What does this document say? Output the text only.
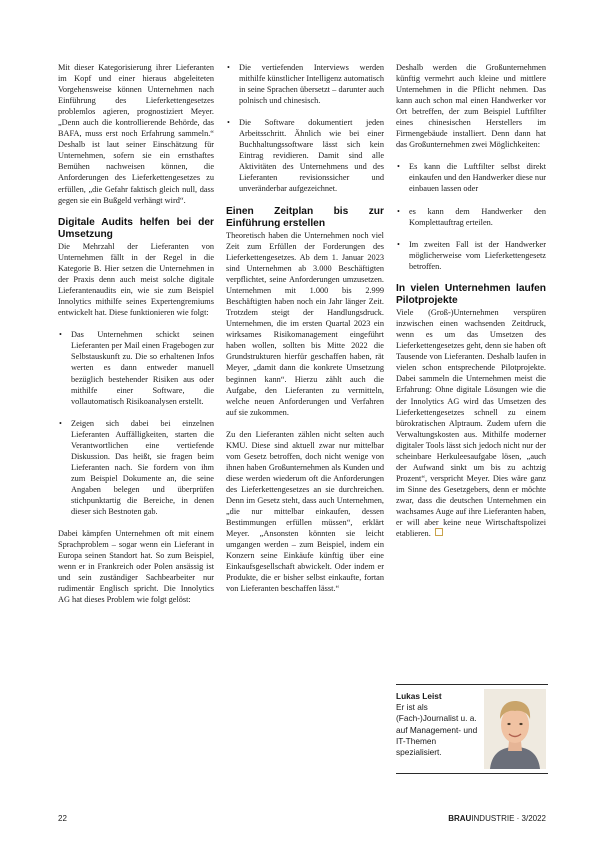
Mit dieser Kategorisierung ihrer Lieferanten im Kopf und einer hieraus abgeleiteten Vorgehensweise können Unternehmen nach Einführung des Lieferkettengesetzes problemlos agieren, prognostiziert Meyer. „Denn auch die kontrollierende Behörde, das BAFA, muss erst noch Erfahrung sammeln.“ Deshalb ist laut seiner Einschätzung für Unternehmen, sofern sie ein ernsthaftes Bemühen nachweisen können, die Anforderungen des Lieferkettengesetzes zu erfüllen, „die Gefahr faktisch gleich null, dass gegen sie ein Bußgeld verhängt wird“.

Digitale Audits helfen bei der Umsetzung

Die Mehrzahl der Lieferanten von Unternehmen fällt in der Regel in die Kategorie B. Hier setzen die Unternehmen in der Praxis denn auch meist solche digitale Lieferantenaudits ein, wie sie zum Beispiel Innolytics mithilfe seines Expertengremiums entwickelt hat. Diese funktionieren wie folgt:

• Das Unternehmen schickt seinen Lieferanten per Mail einen Fragebogen zur Selbstauskunft zu. Die so erhaltenen Infos werten es dann entweder manuell bezüglich bestehender Risiken aus oder mithilfe einer Software, die vollautomatisch Risikoanalysen erstellt.
• Zeigen sich dabei bei einzelnen Lieferanten Auffälligkeiten, starten die Verantwortlichen eine vertiefende Diskussion. Das heißt, sie fragen beim Lieferanten nach. Sie fordern von ihm zum Beispiel Dokumente an, die seine Angaben belegen und überprüfen stichpunktartig die Bereiche, in denen dieser sich Bestnoten gab.

Dabei kämpfen Unternehmen oft mit einem Sprachproblem – sogar wenn ein Lieferant in Europa seinen Standort hat. So zum Beispiel, wenn er in Frankreich oder Polen ansässig ist und sein zuständiger Sachbearbeiter nur rudimentär Englisch spricht. Die Innolytics AG hat dieses Problem wie folgt gelöst:

• Die vertiefenden Interviews werden mithilfe künstlicher Intelligenz automatisch in seine Sprachen übersetzt – darunter auch polnisch und chinesisch.
• Die Software dokumentiert jeden Arbeitsschritt. Ähnlich wie bei einer Buchhaltungssoftware lässt sich kein Eintrag revidieren. Damit sind alle Aktivitäten des Unternehmens und des Lieferanten revisionssicher und unveränderbar aufgezeichnet.
Einen Zeitplan bis zur Einführung erstellen

Theoretisch haben die Unternehmen noch viel Zeit zum Erfüllen der Forderungen des Lieferkettengesetzes. Ab dem 1. Januar 2023 sind Unternehmen ab 3.000 Beschäftigten verpflichtet, seine Anforderungen umzusetzen. Unternehmen mit 1.000 bis 2.999 Beschäftigten haben noch ein Jahr länger Zeit. Trotzdem steigt der Handlungsdruck. Unternehmen, die im ersten Quartal 2023 ein wirksames Risikomanagement eingeführt haben wollen, sollten bis Mitte 2022 die Grundstrukturen hierfür geschaffen haben, rät Meyer, „damit dann die konkrete Umsetzung beginnen kann“. Hierzu zählt auch die Aufgabe, den Lieferanten zu vermitteln, welche neuen Anforderungen und Verfahren auf sie zukommen.

Zu den Lieferanten zählen nicht selten auch KMU. Diese sind aktuell zwar nur mittelbar vom Gesetz betroffen, doch nicht wenige von ihnen haben Großunternehmen als Kunden und diese werden wiederum oft die Anforderungen des Lieferkettengesetzes an sie durchreichen. Denn im Gesetz steht, dass auch Unternehmen, „die nur mittelbar einkaufen, dessen Bestimmungen erfüllen müssen“, erklärt Meyer. „Ansonsten könnten sie leicht umgangen werden – zum Beispiel, indem ein Konzern seine Einkäufe künftig über eine Einkaufsgesellschaft abwickelt. Oder indem er Produkte, die er bisher selbst einkaufte, fortan von Lieferanten beschaffen lässt.“

Deshalb werden die Großunternehmen künftig vermehrt auch kleine und mittlere Unternehmen in die Pflicht nehmen. Das kann auch schon mal einen Handwerker vor Ort betreffen, der zum Beispiel Luftfilter eines chinesischen Herstellers im Firmengebäude installiert. Denn dann hat das Großunternehmen zwei Möglichkeiten:

• Es kann die Luftfilter selbst direkt einkaufen und den Handwerker diese nur einbauen lassen oder
• es kann dem Handwerker den Komplettauftrag erteilen.
• Im zweiten Fall ist der Handwerker möglicherweise vom Lieferkettengesetz betroffen.
In vielen Unternehmen laufen Pilotprojekte

Viele (Groß-)Unternehmen verspüren inzwischen einen wachsenden Zeitdruck, wenn es um das Umsetzen des Lieferkettengesetzes geht, denn sie haben oft Tausende von Lieferanten. Deshalb laufen in vielen schon entsprechende Pilotprojekte. Dabei sammeln die Unternehmen meist die Erfahrung: Ohne digitale Lösungen wie die der Innolytics AG wird das Umsetzen des Lieferkettengesetzes schnell zu einem bürokratischen Alptraum. Zudem ufern die Verwaltungskosten aus. Mithilfe moderner digitaler Tools lässt sich jedoch nicht nur der scheinbare Herkuleesaufgabe lösen, „auch der Aufwand sinkt um bis zu achtzig Prozent“, verspricht Meyer. Dies wäre ganz im Sinne des Gesetzgebers, denn er möchte zwar, dass die deutschen Unternehmen ein wachsames Auge auf ihre Lieferanten haben, er will aber keine neue Wirtschaftspolizei etablieren.

Lukas Leist
Er ist als (Fach-)Journalist u. a. auf Management- und IT-Themen spezialisiert.
22	BRAUINDUSTRIE · 3/2022
